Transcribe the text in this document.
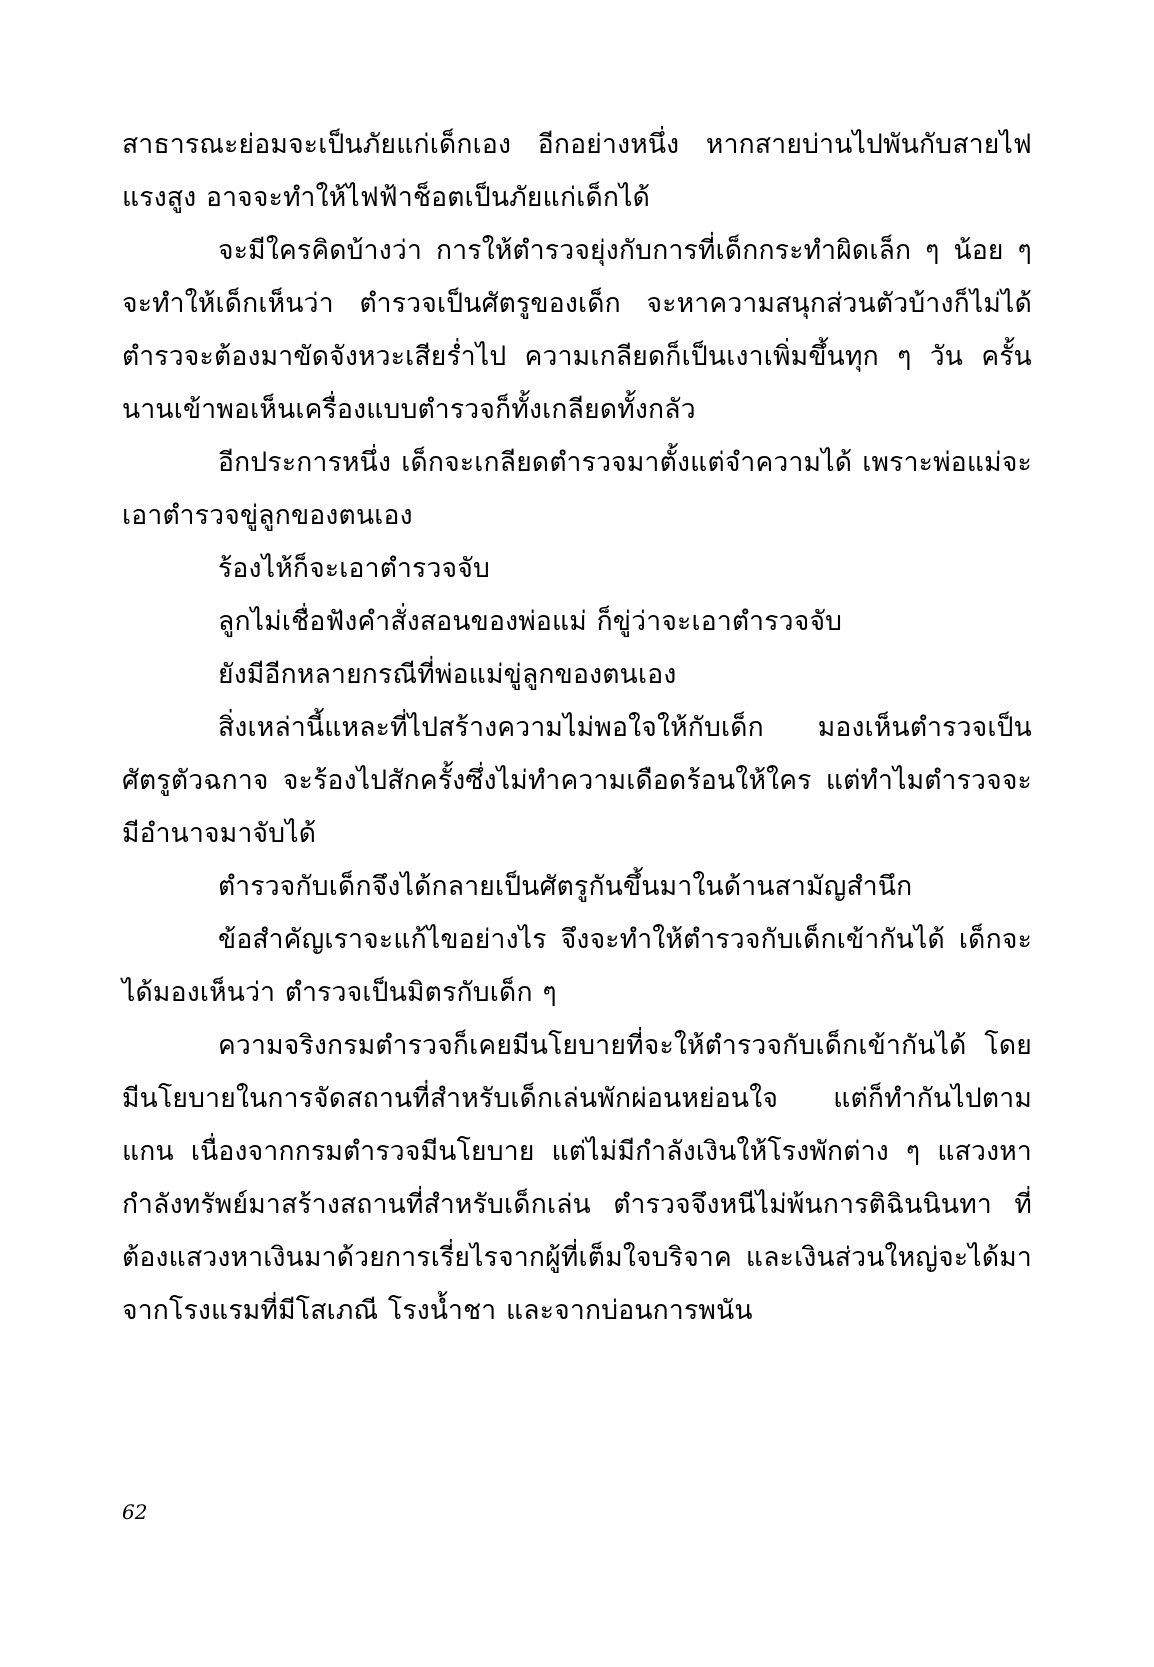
สาธารณะย่อมจะเป็นภัยแก่เด็กเอง อีกอย่างหนึ่ง หากสายบ่านไปพันกับสายไฟแรงสูง อาจจะทำให้ไฟฟ้าช็อตเป็นภัยแก่เด็กได้

จะมีใครคิดบ้างว่า การให้ตำรวจยุ่งกับการที่เด็กกระทำผิดเล็ก ๆ น้อย ๆ จะทำให้เด็กเห็นว่า ตำรวจเป็นศัตรูของเด็ก จะหาความสนุกส่วนตัวบ้างก็ไม่ได้ ตำรวจะต้องมาขัดจังหวะเสียร่ำไป ความเกลียดก็เป็นเงาเพิ่มขึ้นทุก ๆ วัน ครั้นนานเข้าพอเห็นเครื่องแบบตำรวจก็ทั้งเกลียดทั้งกลัว

อีกประการหนึ่ง เด็กจะเกลียดตำรวจมาตั้งแต่จำความได้ เพราะพ่อแม่จะเอาตำรวจขู่ลูกของตนเอง

ร้องไห้ก็จะเอาตำรวจจับ

ลูกไม่เชื่อฟังคำสั่งสอนของพ่อแม่ ก็ขู่ว่าจะเอาตำรวจจับ

ยังมีอีกหลายกรณีที่พ่อแม่ขู่ลูกของตนเอง

สิ่งเหล่านี้แหละที่ไปสร้างความไม่พอใจให้กับเด็ก มองเห็นตำรวจเป็นศัตรูตัวฉกาจ จะร้องไปสักครั้งซึ่งไม่ทำความเดือดร้อนให้ใคร แต่ทำไมตำรวจจะมีอำนาจมาจับได้

ตำรวจกับเด็กจึงได้กลายเป็นศัตรูกันขึ้นมาในด้านสามัญสำนึก

ข้อสำคัญเราจะแก้ไขอย่างไร จึงจะทำให้ตำรวจกับเด็กเข้ากันได้ เด็กจะได้มองเห็นว่า ตำรวจเป็นมิตรกับเด็ก ๆ

ความจริงกรมตำรวจก็เคยมีนโยบายที่จะให้ตำรวจกับเด็กเข้ากันได้ โดยมีนโยบายในการจัดสถานที่สำหรับเด็กเล่นพักผ่อนหย่อนใจ แต่ก็ทำกันไปตามแกน เนื่องจากกรมตำรวจมีนโยบาย แต่ไม่มีกำลังเงินให้โรงพักต่าง ๆ แสวงหากำลังทรัพย์มาสร้างสถานที่สำหรับเด็กเล่น ตำรวจจึงหนีไม่พ้นการติฉินนินทา ที่ต้องแสวงหาเงินมาด้วยการเรี่ยไรจากผู้ที่เต็มใจบริจาค และเงินส่วนใหญ่จะได้มาจากโรงแรมที่มีโสเภณี โรงน้ำชา และจากบ่อนการพนัน

62
